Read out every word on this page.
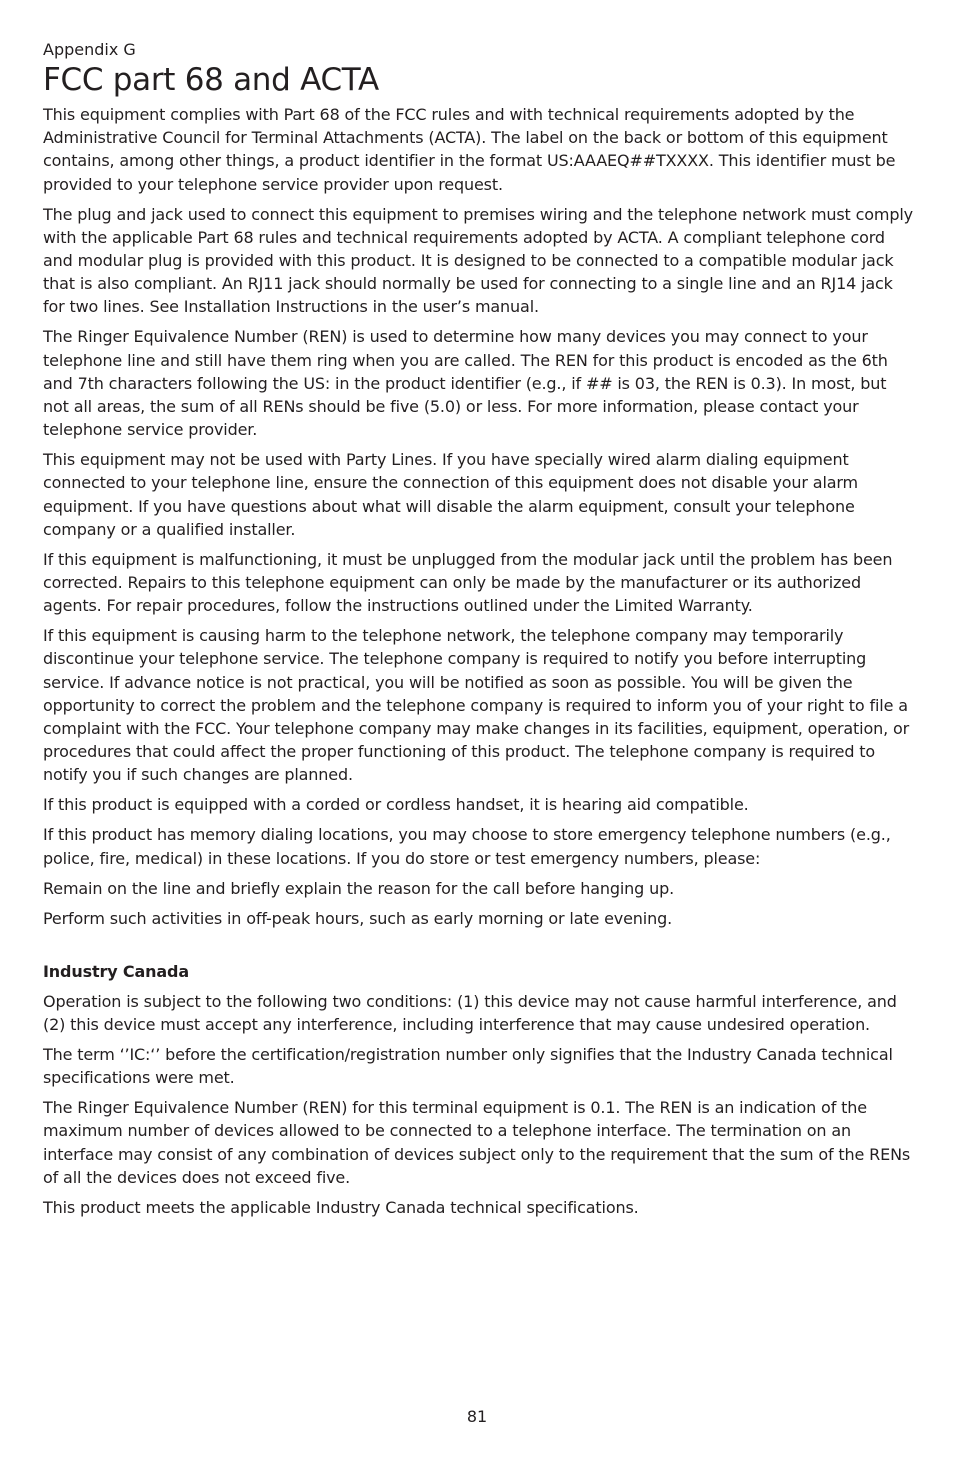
Appendix G
FCC part 68 and ACTA

This equipment complies with Part 68 of the FCC rules and with technical requirements adopted by the Administrative Council for Terminal Attachments (ACTA). The label on the back or bottom of this equipment contains, among other things, a product identifier in the format US:AAAEQ##TXXXX. This identifier must be provided to your telephone service provider upon request.

The plug and jack used to connect this equipment to premises wiring and the telephone network must comply with the applicable Part 68 rules and technical requirements adopted by ACTA. A compliant telephone cord and modular plug is provided with this product. It is designed to be connected to a compatible modular jack that is also compliant. An RJ11 jack should normally be used for connecting to a single line and an RJ14 jack for two lines. See Installation Instructions in the user’s manual.

The Ringer Equivalence Number (REN) is used to determine how many devices you may connect to your telephone line and still have them ring when you are called. The REN for this product is encoded as the 6th and 7th characters following the US: in the product identifier (e.g., if ## is 03, the REN is 0.3). In most, but not all areas, the sum of all RENs should be five (5.0) or less. For more information, please contact your telephone service provider.

This equipment may not be used with Party Lines. If you have specially wired alarm dialing equipment connected to your telephone line, ensure the connection of this equipment does not disable your alarm equipment. If you have questions about what will disable the alarm equipment, consult your telephone company or a qualified installer.

If this equipment is malfunctioning, it must be unplugged from the modular jack until the problem has been corrected. Repairs to this telephone equipment can only be made by the manufacturer or its authorized agents. For repair procedures, follow the instructions outlined under the Limited Warranty.

If this equipment is causing harm to the telephone network, the telephone company may temporarily discontinue your telephone service. The telephone company is required to notify you before interrupting service. If advance notice is not practical, you will be notified as soon as possible. You will be given the opportunity to correct the problem and the telephone company is required to inform you of your right to file a complaint with the FCC. Your telephone company may make changes in its facilities, equipment, operation, or procedures that could affect the proper functioning of this product. The telephone company is required to notify you if such changes are planned.

If this product is equipped with a corded or cordless handset, it is hearing aid compatible.

If this product has memory dialing locations, you may choose to store emergency telephone numbers (e.g., police, fire, medical) in these locations. If you do store or test emergency numbers, please:

Remain on the line and briefly explain the reason for the call before hanging up.

Perform such activities in off-peak hours, such as early morning or late evening.

Industry Canada

Operation is subject to the following two conditions: (1) this device may not cause harmful interference, and (2) this device must accept any interference, including interference that may cause undesired operation.

The term ‘’IC:‘’ before the certification/registration number only signifies that the Industry Canada technical specifications were met.

The Ringer Equivalence Number (REN) for this terminal equipment is 0.1. The REN is an indication of the maximum number of devices allowed to be connected to a telephone interface. The termination on an interface may consist of any combination of devices subject only to the requirement that the sum of the RENs of all the devices does not exceed five.

This product meets the applicable Industry Canada technical specifications.

81
